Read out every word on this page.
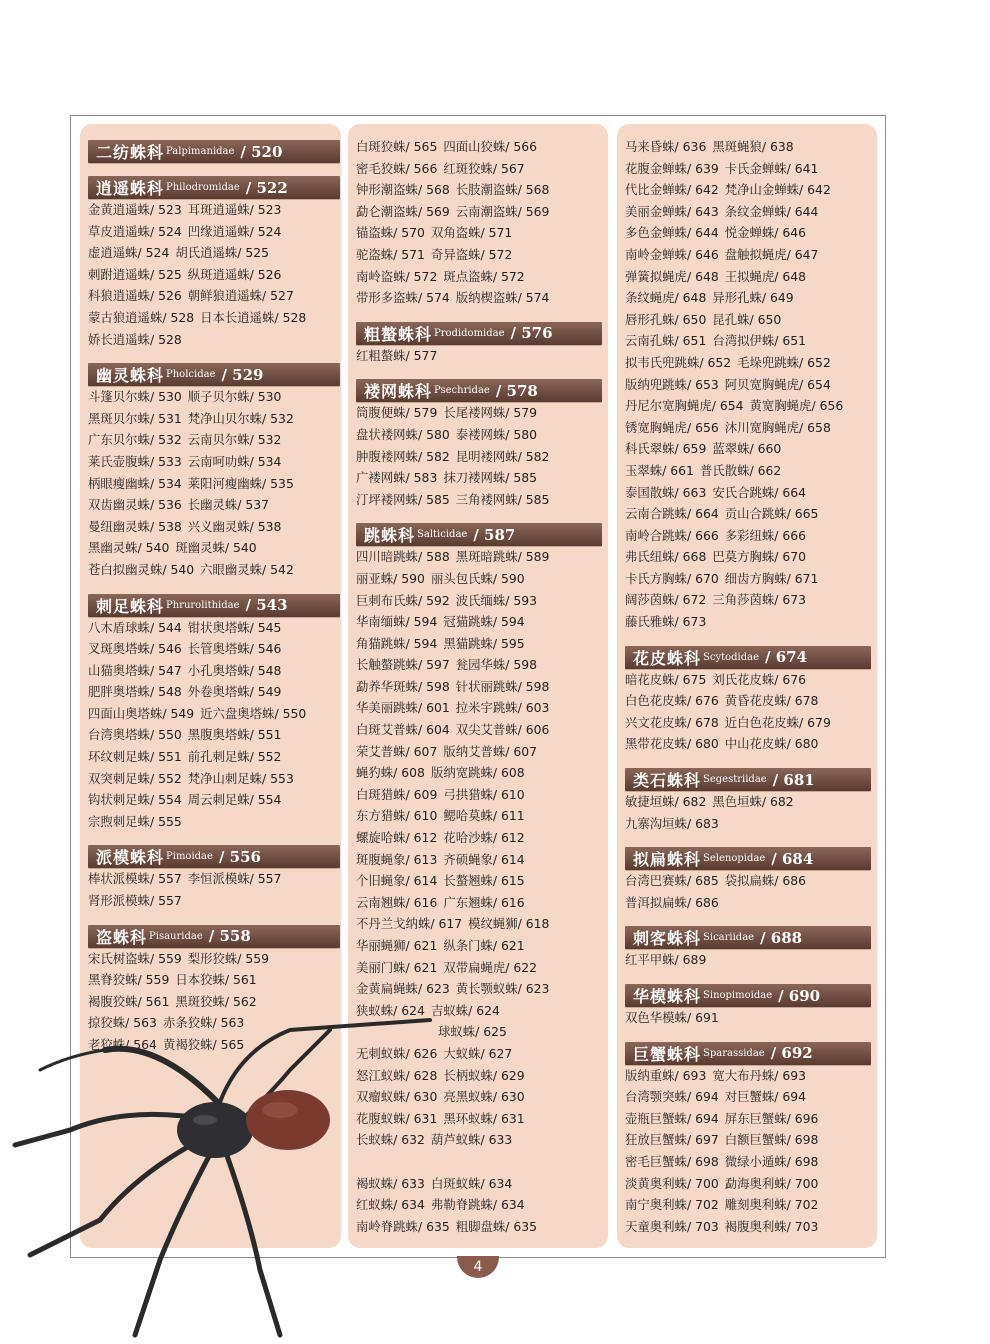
二纺蛛科 Palpimanidae / 520
逍遥蛛科 Philodromidae / 522
金黄逍遥蛛/ 523 耳斑逍遥蛛/ 523
草皮逍遥蛛/ 524 凹缘逍遥蛛/ 524
虚逍遥蛛/ 524 胡氏逍遥蛛/ 525
刺跗逍遥蛛/ 525 纵斑逍遥蛛/ 526
科狼逍遥蛛/ 526 朝鲜狼逍遥蛛/ 527
蒙古狼逍遥蛛/ 528 日本长逍遥蛛/ 528
娇长逍遥蛛/ 528
幽灵蛛科 Pholcidae / 529
斗篷贝尔蛛/ 530 顺子贝尔蛛/ 530
黑斑贝尔蛛/ 531 梵净山贝尔蛛/ 532
广东贝尔蛛/ 532 云南贝尔蛛/ 532
莱氏壶腹蛛/ 533 云南呵叻蛛/ 534
柄眼瘦幽蛛/ 534 莱阳河瘦幽蛛/ 535
双齿幽灵蛛/ 536 长幽灵蛛/ 537
曼纽幽灵蛛/ 538 兴义幽灵蛛/ 538
黑幽灵蛛/ 540 斑幽灵蛛/ 540
苍白拟幽灵蛛/ 540 六眼幽灵蛛/ 542
刺足蛛科 Phrurolithidae / 543
八木盾球蛛/ 544 钳状奥塔蛛/ 545
叉斑奥塔蛛/ 546 长管奥塔蛛/ 546
山猫奥塔蛛/ 547 小孔奥塔蛛/ 548
肥胖奥塔蛛/ 548 外卷奥塔蛛/ 549
四面山奥塔蛛/ 549 近六盘奥塔蛛/ 550
台湾奥塔蛛/ 550 黑腹奥塔蛛/ 551
环纹刺足蛛/ 551 前孔刺足蛛/ 552
双突刺足蛛/ 552 梵净山刺足蛛/ 553
钩状刺足蛛/ 554 周云刺足蛛/ 554
宗煦刺足蛛/ 555
派模蛛科 Pimoidae / 556
棒状派模蛛/ 557 李恒派模蛛/ 557
肾形派模蛛/ 557
盗蛛科 Pisauridae / 558
宋氏树盗蛛/ 559 梨形狡蛛/ 559
黑脊狡蛛/ 559 日本狡蛛/ 561
褐腹狡蛛/ 561 黑斑狡蛛/ 562
掠狡蛛/ 563 赤条狡蛛/ 563
老狡蛛/ 564 黄褐狡蛛/ 565
白斑狡蛛/ 565 四面山狡蛛/ 566
密毛狡蛛/ 566 红斑狡蛛/ 567
钟形潮盗蛛/ 568 长肢潮盗蛛/ 568
勐仑潮盗蛛/ 569 云南潮盗蛛/ 569
锚盗蛛/ 570 双角盗蛛/ 571
驼盗蛛/ 571 奇异盗蛛/ 572
南岭盗蛛/ 572 斑点盗蛛/ 572
带形多盗蛛/ 574 版纳楔盗蛛/ 574
粗螯蛛科 Prodidomidae / 576
红粗螯蛛/ 577
褛网蛛科 Psechridae / 578
筒腹便蛛/ 579 长尾褛网蛛/ 579
盘状褛网蛛/ 580 泰褛网蛛/ 580
肿腹褛网蛛/ 582 昆明褛网蛛/ 582
广褛网蛛/ 583 抹刀褛网蛛/ 585
汀坪褛网蛛/ 585 三角褛网蛛/ 585
跳蛛科 Salticidae / 587
四川暗跳蛛/ 588 黑斑暗跳蛛/ 589
丽亚蛛/ 590 丽头包氏蛛/ 590
巨刺布氏蛛/ 592 波氏缅蛛/ 593
华南缅蛛/ 594 冠猫跳蛛/ 594
角猫跳蛛/ 594 黑猫跳蛛/ 595
长触螯跳蛛/ 597 瓮园华蛛/ 598
勐养华斑蛛/ 598 针状丽跳蛛/ 598
华美丽跳蛛/ 601 拉米宇跳蛛/ 603
白斑艾普蛛/ 604 双尖艾普蛛/ 606
荣艾普蛛/ 607 版纳艾普蛛/ 607
蝇犳蛛/ 608 版纳宽跳蛛/ 608
白斑猎蛛/ 609 弓拱猎蛛/ 610
东方猎蛛/ 610 鳃哈莫蛛/ 611
螺旋哈蛛/ 612 花哈沙蛛/ 612
斑腹蝇象/ 613 齐硕蝇象/ 614
个旧蝇象/ 614 长螯翘蛛/ 615
云南翘蛛/ 616 广东翘蛛/ 616
不丹兰戈纳蛛/ 617 模纹蝇狮/ 618
华丽蝇狮/ 621 纵条门蛛/ 621
美丽门蛛/ 621 双带扁蝇虎/ 622
金黄扁蝇蛛/ 623 黄长颚蚁蛛/ 623
狭蚁蛛/ 624 吉蚁蛛/ 624
球蚁蛛/ 625
无刺蚁蛛/ 626 大蚁蛛/ 627
怒江蚁蛛/ 628 长柄蚁蛛/ 629
双瘤蚁蛛/ 630 亮黑蚁蛛/ 630
花腹蚁蛛/ 631 黑环蚁蛛/ 631
长蚁蛛/ 632 葫芦蚁蛛/ 633
褐蚁蛛/ 633 白斑蚁蛛/ 634
红蚁蛛/ 634 弗勒脊跳蛛/ 634
南岭脊跳蛛/ 635 粗脚盘蛛/ 635
马来昏蛛/ 636 黑斑蝇狼/ 638
花腹金蝉蛛/ 639 卡氏金蝉蛛/ 641
代比金蝉蛛/ 642 梵净山金蝉蛛/ 642
美丽金蝉蛛/ 643 条纹金蝉蛛/ 644
多色金蝉蛛/ 644 悦金蝉蛛/ 646
南岭金蝉蛛/ 646 盘触拟蝇虎/ 647
弹簧拟蝇虎/ 648 王拟蝇虎/ 648
条纹蝇虎/ 648 异形孔蛛/ 649
唇形孔蛛/ 650 昆孔蛛/ 650
云南孔蛛/ 651 台湾拟伊蛛/ 651
拟韦氏兜跳蛛/ 652 毛垛兜跳蛛/ 652
版纳兜跳蛛/ 653 阿贝宽胸蝇虎/ 654
丹尼尔宽胸蝇虎/ 654 黄宽胸蝇虎/ 656
锈宽胸蝇虎/ 656 沐川宽胸蝇虎/ 658
科氏翠蛛/ 659 蓝翠蛛/ 660
玉翠蛛/ 661 普氏散蛛/ 662
泰国散蛛/ 663 安氏合跳蛛/ 664
云南合跳蛛/ 664 贡山合跳蛛/ 665
南岭合跳蛛/ 666 多彩纽蛛/ 666
弗氏纽蛛/ 668 巴莫方胸蛛/ 670
卡氏方胸蛛/ 670 细齿方胸蛛/ 671
阔莎茵蛛/ 672 三角莎茵蛛/ 673
藤氏雅蛛/ 673
花皮蛛科 Scytodidae / 674
暗花皮蛛/ 675 刘氏花皮蛛/ 676
白色花皮蛛/ 676 黄昏花皮蛛/ 678
兴文花皮蛛/ 678 近白色花皮蛛/ 679
黑带花皮蛛/ 680 中山花皮蛛/ 680
类石蛛科 Segestriidae / 681
敏捷垣蛛/ 682 黑色垣蛛/ 682
九寨沟垣蛛/ 683
拟扁蛛科 Selenopidae / 684
台湾巴赛蛛/ 685 袋拟扁蛛/ 686
普洱拟扁蛛/ 686
刺客蛛科 Sicariidae / 688
红平甲蛛/ 689
华模蛛科 Sinopimoidae / 690
双色华模蛛/ 691
巨蟹蛛科 Sparassidae / 692
版纳重蛛/ 693 宽大布丹蛛/ 693
台湾颚突蛛/ 694 对巨蟹蛛/ 694
壶瓶巨蟹蛛/ 694 屏东巨蟹蛛/ 696
狂放巨蟹蛛/ 697 白额巨蟹蛛/ 698
密毛巨蟹蛛/ 698 微绿小遁蛛/ 698
淡黄奥利蛛/ 700 勐海奥利蛛/ 700
南宁奥利蛛/ 702 雕刻奥利蛛/ 702
天童奥利蛛/ 703 褐腹奥利蛛/ 703
4
